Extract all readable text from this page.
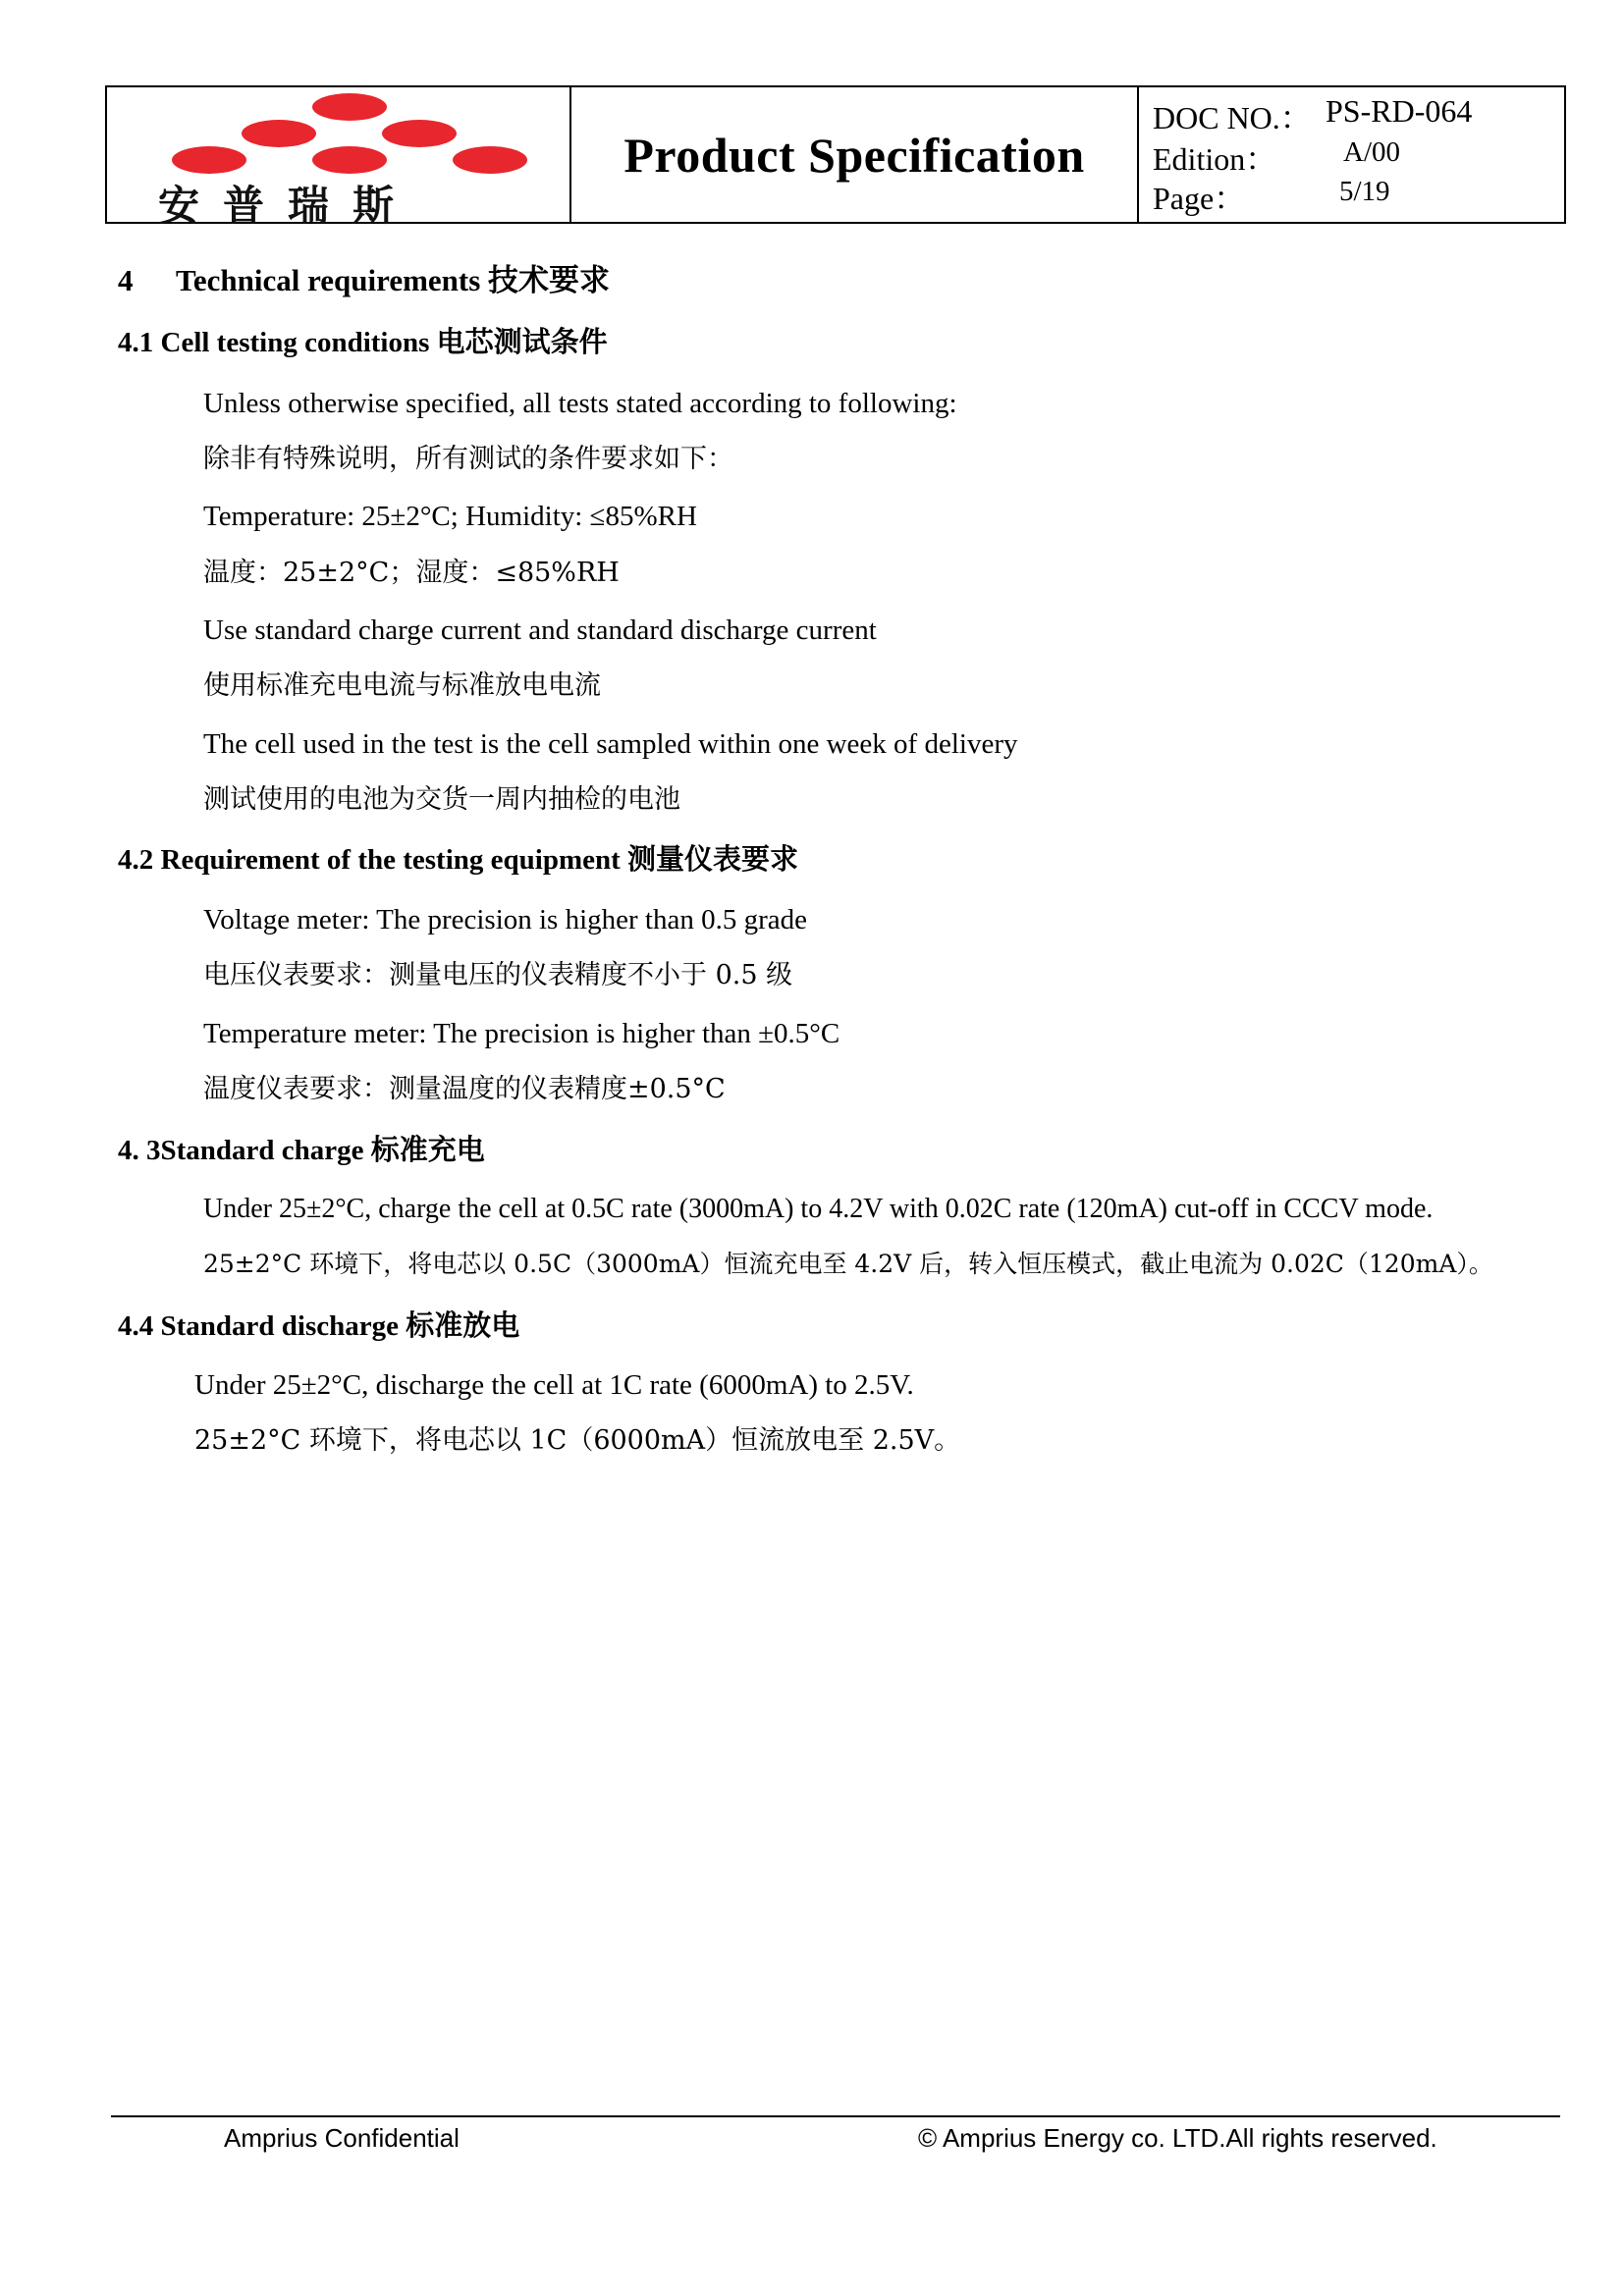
安普瑞斯
Product Specification
DOC NO.： PS-RD-064
Edition： A/00
Page：	5/19
4 Technical requirements 技术要求
4.1 Cell testing conditions 电芯测试条件
Unless otherwise specified, all tests stated according to following:
除非有特殊说明，所有测试的条件要求如下：
Temperature: 25±2°C; Humidity: ≤85%RH
温度：25±2°C；湿度：≤85%RH
Use standard charge current and standard discharge current
使用标准充电电流与标准放电电流
The cell used in the test is the cell sampled within one week of delivery
测试使用的电池为交货一周内抽检的电池
4.2 Requirement of the testing equipment 测量仪表要求
Voltage meter: The precision is higher than 0.5 grade
电压仪表要求：测量电压的仪表精度不小于 0.5 级
Temperature meter: The precision is higher than ±0.5°C
温度仪表要求：测量温度的仪表精度±0.5°C
4. 3Standard charge 标准充电
Under 25±2°C, charge the cell at 0.5C rate (3000mA) to 4.2V with 0.02C rate (120mA) cut-off in CCCV mode.
25±2°C 环境下，将电芯以 0.5C（3000mA）恒流充电至 4.2V 后，转入恒压模式，截止电流为 0.02C（120mA）。
4.4 Standard discharge 标准放电
Under 25±2°C, discharge the cell at 1C rate (6000mA) to 2.5V.
25±2°C 环境下，将电芯以 1C（6000mA）恒流放电至 2.5V。
Amprius Confidential	© Amprius Energy co. LTD.All rights reserved.
